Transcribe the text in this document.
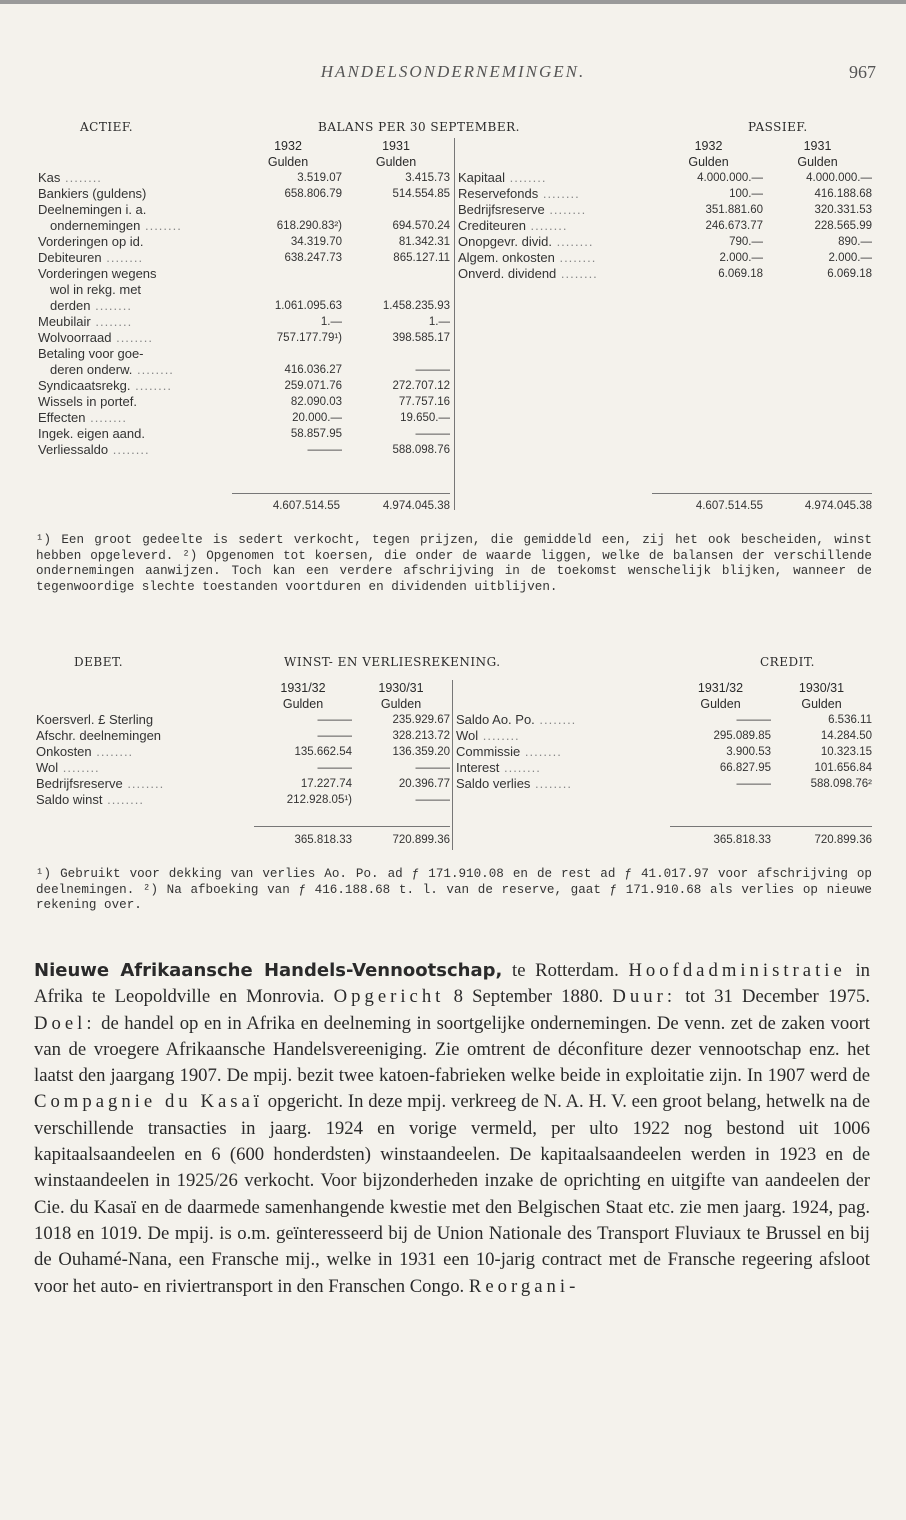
HANDELSONDERNEMINGEN.	967
ACTIEF.	BALANS PER 30 SEPTEMBER.	PASSIEF.
	1932	1931
	Gulden	Gulden
Kas ........	3.519.07	3.415.73
Bankiers (guldens)	658.806.79	514.554.85
Deelnemingen i. a.		
ondernemingen ........	618.290.83²)	694.570.24
Vorderingen op id.	34.319.70	81.342.31
Debiteuren ........	638.247.73	865.127.11
Vorderingen wegens		
wol in rekg. met		
derden ........	1.061.095.63	1.458.235.93
Meubilair ........	1.—	1.—
Wolvoorraad ........	757.177.79¹)	398.585.17
Betaling voor goe-		
deren onderw. ........	416.036.27	———
Syndicaatsrekg. ........	259.071.76	272.707.12
Wissels in portef.	82.090.03	77.757.16
Effecten ........	20.000.—	19.650.—
Ingek. eigen aand.	58.857.95	———
Verliessaldo ........	———	588.098.76
	1932	1931
	Gulden	Gulden
Kapitaal ........	4.000.000.—	4.000.000.—
Reservefonds ........	100.—	416.188.68
Bedrijfsreserve ........	351.881.60	320.331.53
Crediteuren ........	246.673.77	228.565.99
Onopgevr. divid. ........	790.—	890.—
Algem. onkosten ........	2.000.—	2.000.—
Onverd. dividend ........	6.069.18	6.069.18
4.607.514.55	4.974.045.38	4.607.514.55	4.974.045.38
¹) Een groot gedeelte is sedert verkocht, tegen prijzen, die gemiddeld een, zij het ook bescheiden, winst hebben opgeleverd. ²) Opgenomen tot koersen, die onder de waarde liggen, welke de balansen der verschillende ondernemingen aanwijzen. Toch kan een verdere afschrijving in de toekomst wenschelijk blijken, wanneer de tegenwoordige slechte toestanden voortduren en dividenden uitblijven.
DEBET.	WINST- EN VERLIESREKENING.	CREDIT.
	1931/32	1930/31
	Gulden	Gulden
Koersverl. £ Sterling	———	235.929.67
Afschr. deelnemingen	———	328.213.72
Onkosten ........	135.662.54	136.359.20
Wol ........	———	———
Bedrijfsreserve ........	17.227.74	20.396.77
Saldo winst ........	212.928.05¹)	———
	1931/32	1930/31
	Gulden	Gulden
Saldo Ao. Po. ........	———	6.536.11
Wol ........	295.089.85	14.284.50
Commissie ........	3.900.53	10.323.15
Interest ........	66.827.95	101.656.84
Saldo verlies ........	———	588.098.76²
365.818.33	720.899.36	365.818.33	720.899.36
¹) Gebruikt voor dekking van verlies Ao. Po. ad ƒ 171.910.08 en de rest ad ƒ 41.017.97 voor afschrijving op deelnemingen. ²) Na afboeking van ƒ 416.188.68 t. l. van de reserve, gaat ƒ 171.910.68 als verlies op nieuwe rekening over.
Nieuwe Afrikaansche Handels-Vennootschap, te Rotterdam. Hoofdadministratie in Afrika te Leopoldville en Monrovia. Opgericht 8 September 1880. Duur: tot 31 December 1975. Doel: de handel op en in Afrika en deelneming in soortgelijke ondernemingen. De venn. zet de zaken voort van de vroegere Afrikaansche Handelsvereeniging. Zie omtrent de déconfiture dezer vennootschap enz. het laatst den jaargang 1907. De mpij. bezit twee katoen-fabrieken welke beide in exploitatie zijn. In 1907 werd de Compagnie du Kasaï opgericht. In deze mpij. verkreeg de N. A. H. V. een groot belang, hetwelk na de verschillende transacties in jaarg. 1924 en vorige vermeld, per ulto 1922 nog bestond uit 1006 kapitaalsaandeelen en 6 (600 honderdsten) winstaandeelen. De kapitaalsaandeelen werden in 1923 en de winstaandeelen in 1925/26 verkocht. Voor bijzonderheden inzake de oprichting en uitgifte van aandeelen der Cie. du Kasaï en de daarmede samenhangende kwestie met den Belgischen Staat etc. zie men jaarg. 1924, pag. 1018 en 1019. De mpij. is o.m. geïnteresseerd bij de Union Nationale des Transport Fluviaux te Brussel en bij de Ouhamé-Nana, een Fransche mij., welke in 1931 een 10-jarig contract met de Fransche regeering afsloot voor het auto- en riviertransport in den Franschen Congo. Reorgani-
